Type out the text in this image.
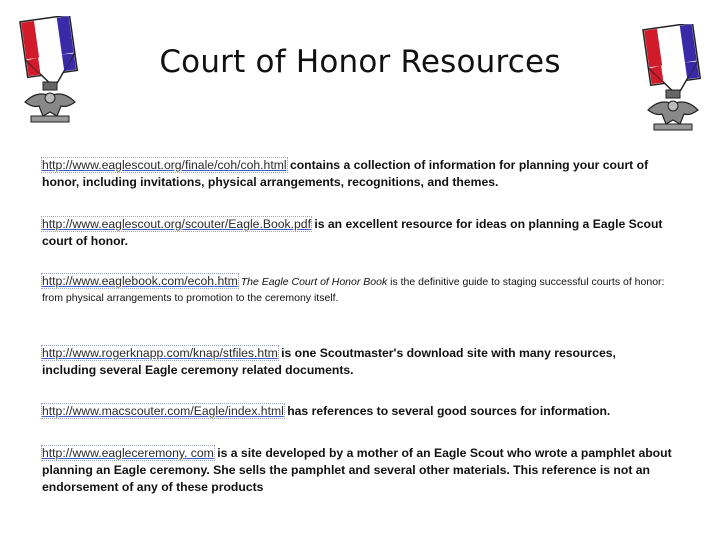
Court of Honor Resources
http://www.eaglescout.org/finale/coh/coh.html contains a collection of information for planning your court of honor, including invitations, physical arrangements, recognitions, and themes.
http://www.eaglescout.org/scouter/Eagle.Book.pdf is an excellent resource for ideas on planning a Eagle Scout court of honor.
http://www.eaglebook.com/ecoh.htm The Eagle Court of Honor Book is the definitive guide to staging successful courts of honor: from physical arrangements to promotion to the ceremony itself.
http://www.rogerknapp.com/knap/stfiles.htm is one Scoutmaster's download site with many resources, including several Eagle ceremony related documents.
http://www.macscouter.com/Eagle/index.html has references to several good sources for information.
http://www.eagleceremony. com is a site developed by a mother of an Eagle Scout who wrote a pamphlet about planning an Eagle ceremony. She sells the pamphlet and several other materials. This reference is not an endorsement of any of these products
